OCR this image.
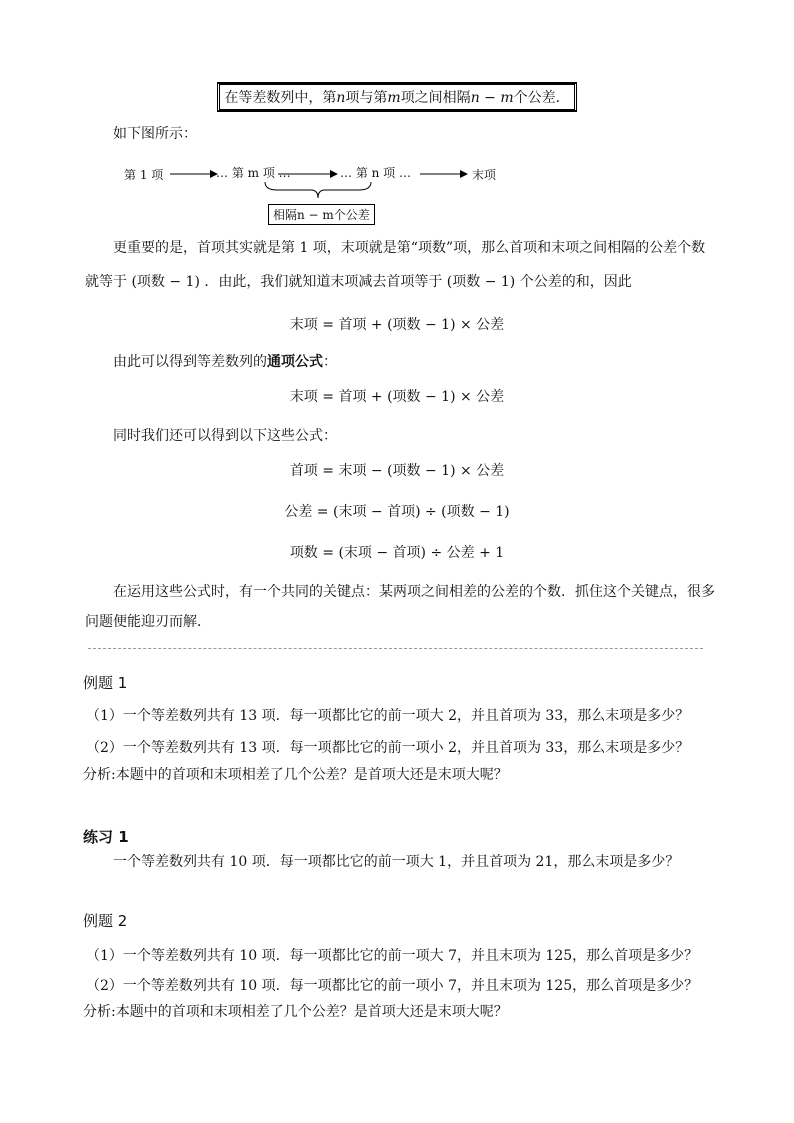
在等差数列中，第n项与第m项之间相隔n − m个公差．
如下图所示：
第 1 项	… 第 m 项 …	… 第 n 项 …	末项
相隔n − m个公差
更重要的是，首项其实就是第 1 项，末项就是第“项数”项，那么首项和末项之间相隔的公差个数
就等于 (项数 − 1) ．由此，我们就知道末项减去首项等于 (项数 − 1) 个公差的和，因此
末项 = 首项 + (项数 − 1) × 公差
由此可以得到等差数列的通项公式：
末项 = 首项 + (项数 − 1) × 公差
同时我们还可以得到以下这些公式：
首项 = 末项 − (项数 − 1) × 公差
公差 = (末项 − 首项) ÷ (项数 − 1)
项数 = (末项 − 首项) ÷ 公差 + 1
在运用这些公式时，有一个共同的关键点：某两项之间相差的公差的个数．抓住这个关键点，很多
问题便能迎刃而解．
例题 1
（1）一个等差数列共有 13 项．每一项都比它的前一项大 2，并且首项为 33，那么末项是多少？
（2）一个等差数列共有 13 项．每一项都比它的前一项小 2，并且首项为 33，那么末项是多少？
分析:本题中的首项和末项相差了几个公差？是首项大还是末项大呢？
练习 1
一个等差数列共有 10 项．每一项都比它的前一项大 1，并且首项为 21，那么末项是多少？
例题 2
（1）一个等差数列共有 10 项．每一项都比它的前一项大 7，并且末项为 125，那么首项是多少？
（2）一个等差数列共有 10 项．每一项都比它的前一项小 7，并且末项为 125，那么首项是多少？
分析:本题中的首项和末项相差了几个公差？是首项大还是末项大呢？
